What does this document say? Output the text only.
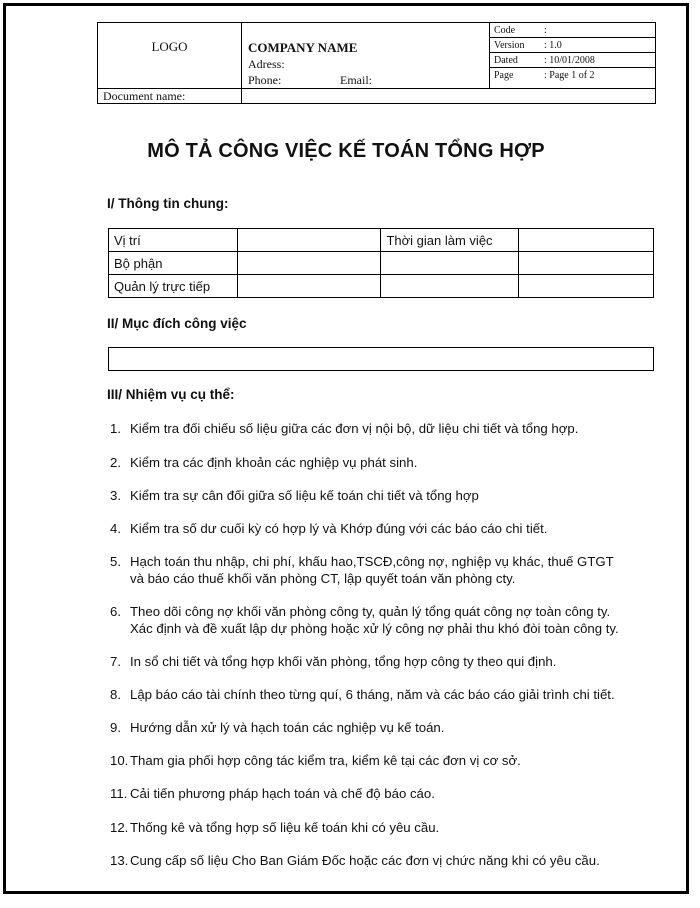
LOGO	COMPANY NAME
Adress:
Phone:	Email:
Code	:
Version : 1.0
Dated	: 10/01/2008
Page	: Page 1 of 2
Document name:
MÔ TẢ CÔNG VIỆC KẾ TOÁN TỔNG HỢP
I/ Thông tin chung:
Vị trí		Thời gian làm việc	
Bộ phận			
Quản lý trực tiếp			
II/ Mục đích công việc
III/ Nhiệm vụ cụ thể:
1. Kiểm tra đối chiếu số liệu giữa các đơn vị nội bộ, dữ liệu chi tiết và tổng hợp.
2. Kiểm tra các định khoản các nghiệp vụ phát sinh.
3. Kiểm tra sự cân đối giữa số liệu kế toán chi tiết và tổng hợp
4. Kiểm tra số dư cuối kỳ có hợp lý và Khớp đúng với các báo cáo chi tiết.
5. Hạch toán thu nhập, chi phí, khấu hao,TSCĐ,công nợ, nghiệp vụ khác, thuế GTGT
và báo cáo thuế khối văn phòng CT, lập quyết toán văn phòng cty.
6. Theo dõi công nợ khối văn phòng công ty, quản lý tổng quát công nợ toàn công ty.
Xác định và đề xuất lập dự phòng hoặc xử lý công nợ phải thu khó đòi toàn công ty.
7. In sổ chi tiết và tổng hợp khối văn phòng, tổng hợp công ty theo qui định.
8. Lập báo cáo tài chính theo từng quí, 6 tháng, năm và các báo cáo giải trình chi tiết.
9. Hướng dẫn xử lý và hạch toán các nghiệp vụ kế toán.
10. Tham gia phối hợp công tác kiểm tra, kiểm kê tại các đơn vị cơ sở.
11. Cải tiến phương pháp hạch toán và chế độ báo cáo.
12. Thống kê và tổng hợp số liệu kế toán khi có yêu cầu.
13. Cung cấp số liệu Cho Ban Giám Đốc hoặc các đơn vị chức năng khi có yêu cầu.
